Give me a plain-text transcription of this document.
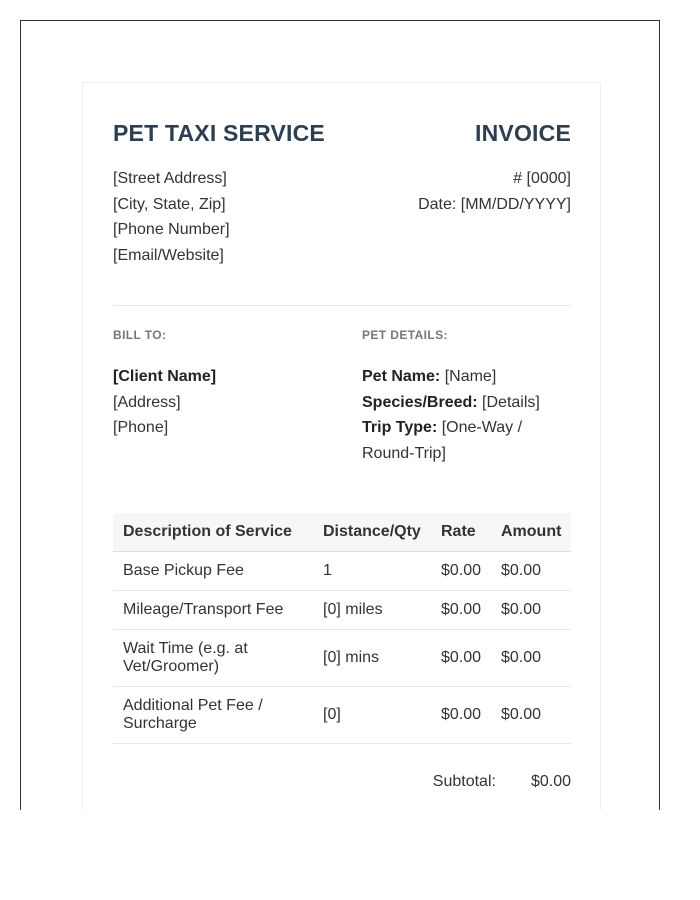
PET TAXI SERVICE	INVOICE
[Street Address]
[City, State, Zip]
[Phone Number]
[Email/Website]
# [0000]
Date: [MM/DD/YYYY]
BILL TO:
[Client Name]
[Address]
[Phone]
PET DETAILS:
Pet Name: [Name]
Species/Breed: [Details]
Trip Type: [One-Way / Round-Trip]
Description of Service	Distance/Qty	Rate	Amount
Base Pickup Fee	1	$0.00	$0.00
Mileage/Transport Fee	[0] miles	$0.00	$0.00
Wait Time (e.g. at Vet/Groomer)	[0] mins	$0.00	$0.00
Additional Pet Fee / Surcharge	[0]	$0.00	$0.00
Subtotal: $0.00
